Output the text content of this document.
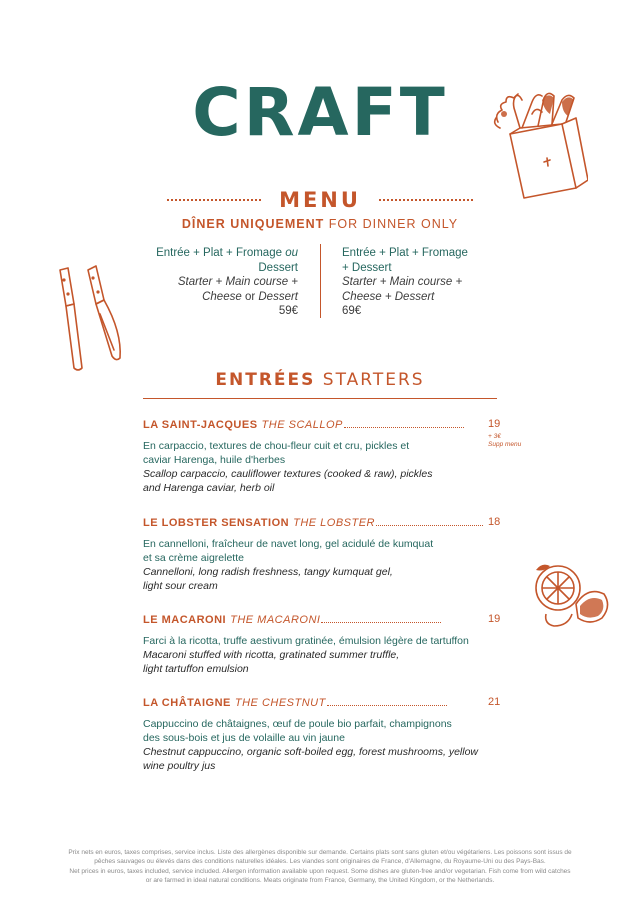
CRAFT
MENU
DÎNER UNIQUEMENT FOR DINNER ONLY
Entrée + Plat + Fromage ou
Dessert
Starter + Main course +
Cheese or Dessert
59€
Entrée + Plat + Fromage
+ Dessert
Starter + Main course +
Cheese + Dessert
69€
ENTRÉES STARTERS
LA SAINT-JACQUES THE SCALLOP
En carpaccio, textures de chou-fleur cuit et cru, pickles et
caviar Harenga, huile d'herbes
Scallop carpaccio, cauliflower textures (cooked & raw), pickles
and Harenga caviar, herb oil
19
+ 3€
Supp menu
LE LOBSTER SENSATION THE LOBSTER
En cannelloni, fraîcheur de navet long, gel acidulé de kumquat
et sa crème aigrelette
Cannelloni, long radish freshness, tangy kumquat gel,
light sour cream
18
LE MACARONI THE MACARONI
Farci à la ricotta, truffe aestivum gratinée, émulsion légère de tartuffon
Macaroni stuffed with ricotta, gratinated summer truffle,
light tartuffon emulsion
19
LA CHÂTAIGNE THE CHESTNUT
Cappuccino de châtaignes, œuf de poule bio parfait, champignons
des sous-bois et jus de volaille au vin jaune
Chestnut cappuccino, organic soft-boiled egg, forest mushrooms, yellow
wine poultry jus
21
Prix nets en euros, taxes comprises, service inclus. Liste des allergènes disponible sur demande. Certains plats sont sans gluten et/ou végétariens. Les poissons sont issus de
pêches sauvages ou élevés dans des conditions naturelles idéales. Les viandes sont originaires de France, d'Allemagne, du Royaume-Uni ou des Pays-Bas.
Net prices in euros, taxes included, service included. Allergen information available upon request. Some dishes are gluten-free and/or vegetarian. Fish come from wild catches
or are farmed in ideal natural conditions. Meats originate from France, Germany, the United Kingdom, or the Netherlands.
